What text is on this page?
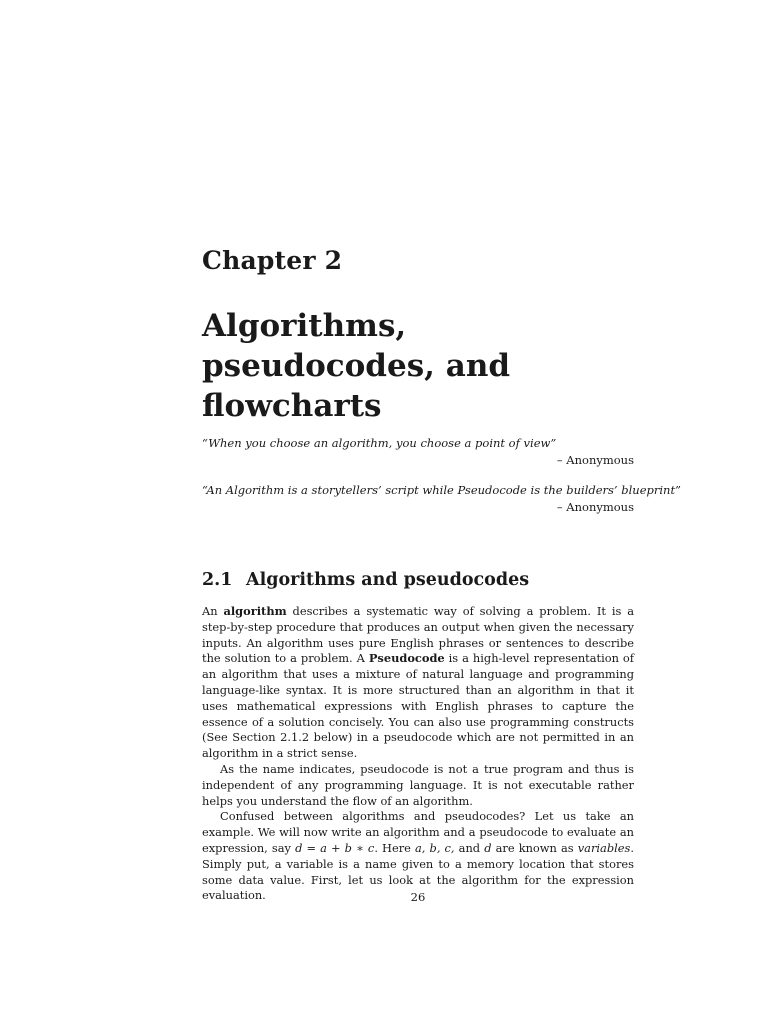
Chapter 2
Algorithms, pseudocodes, and flowcharts
“When you choose an algorithm, you choose a point of view”
– Anonymous
“An Algorithm is a storytellers’ script while Pseudocode is the builders’ blueprint”
– Anonymous
2.1 Algorithms and pseudocodes

An algorithm describes a systematic way of solving a problem. It is a step-by-step procedure that produces an output when given the necessary inputs. An algorithm uses pure English phrases or sentences to describe the solution to a problem. A Pseudocode is a high-level representation of an algorithm that uses a mixture of natural language and programming language-like syntax. It is more structured than an algorithm in that it uses mathematical expressions with English phrases to capture the essence of a solution concisely. You can also use programming constructs (See Section 2.1.2 below) in a pseudocode which are not permitted in an algorithm in a strict sense.

As the name indicates, pseudocode is not a true program and thus is independent of any programming language. It is not executable rather helps you understand the flow of an algorithm.

Confused between algorithms and pseudocodes? Let us take an example. We will now write an algorithm and a pseudocode to evaluate an expression, say d = a + b ∗ c. Here a, b, c, and d are known as variables. Simply put, a variable is a name given to a memory location that stores some data value. First, let us look at the algorithm for the expression evaluation.	26
